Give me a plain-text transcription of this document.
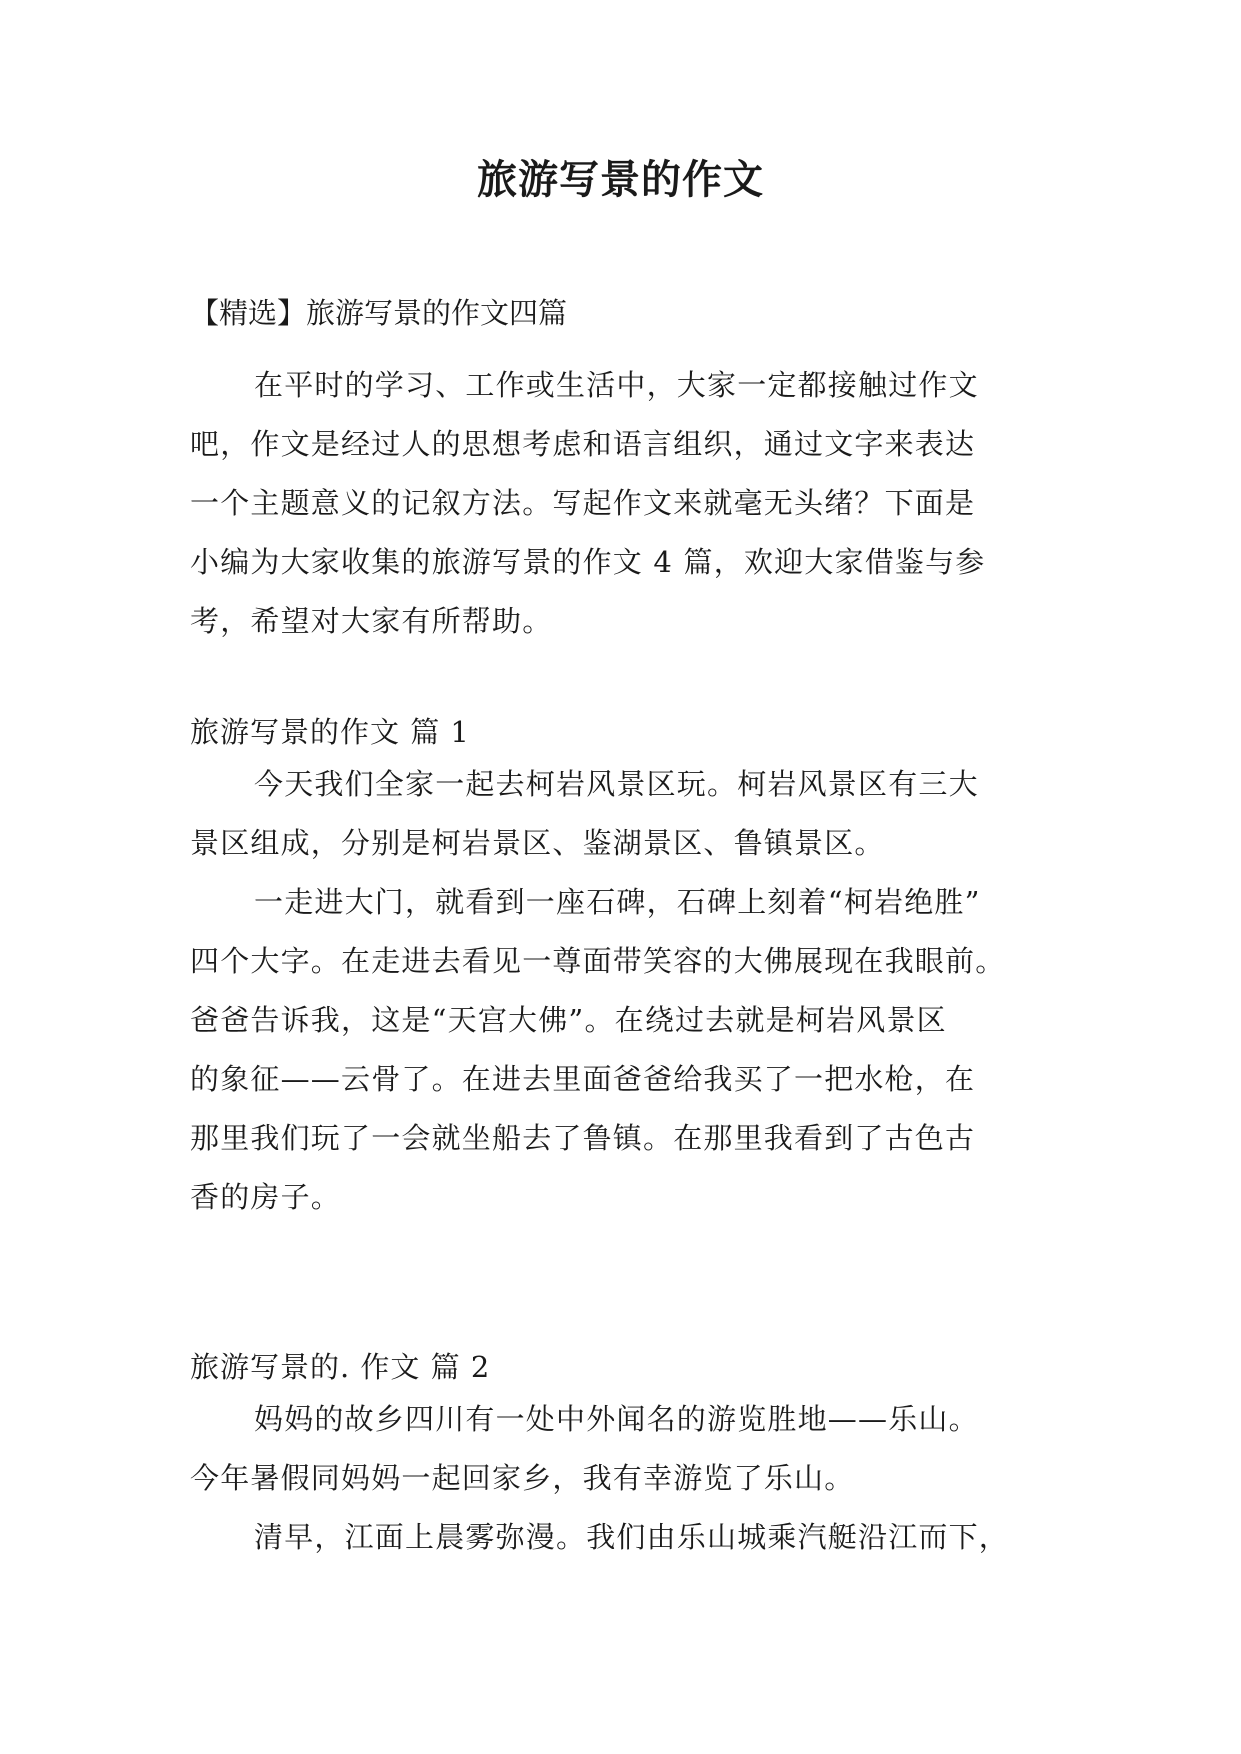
旅游写景的作文

【精选】旅游写景的作文四篇

在平时的学习、工作或生活中，大家一定都接触过作文
吧，作文是经过人的思想考虑和语言组织，通过文字来表达
一个主题意义的记叙方法。写起作文来就毫无头绪？下面是
小编为大家收集的旅游写景的作文 4 篇，欢迎大家借鉴与参
考，希望对大家有所帮助。

旅游写景的作文 篇 1

今天我们全家一起去柯岩风景区玩。柯岩风景区有三大
景区组成，分别是柯岩景区、鉴湖景区、鲁镇景区。
一走进大门，就看到一座石碑，石碑上刻着“柯岩绝胜”
四个大字。在走进去看见一尊面带笑容的大佛展现在我眼前。
爸爸告诉我，这是“天宫大佛”。在绕过去就是柯岩风景区
的象征——云骨了。在进去里面爸爸给我买了一把水枪，在
那里我们玩了一会就坐船去了鲁镇。在那里我看到了古色古
香的房子。

旅游写景的. 作文 篇 2

妈妈的故乡四川有一处中外闻名的游览胜地——乐山。
今年暑假同妈妈一起回家乡，我有幸游览了乐山。
清早，江面上晨雾弥漫。我们由乐山城乘汽艇沿江而下，
